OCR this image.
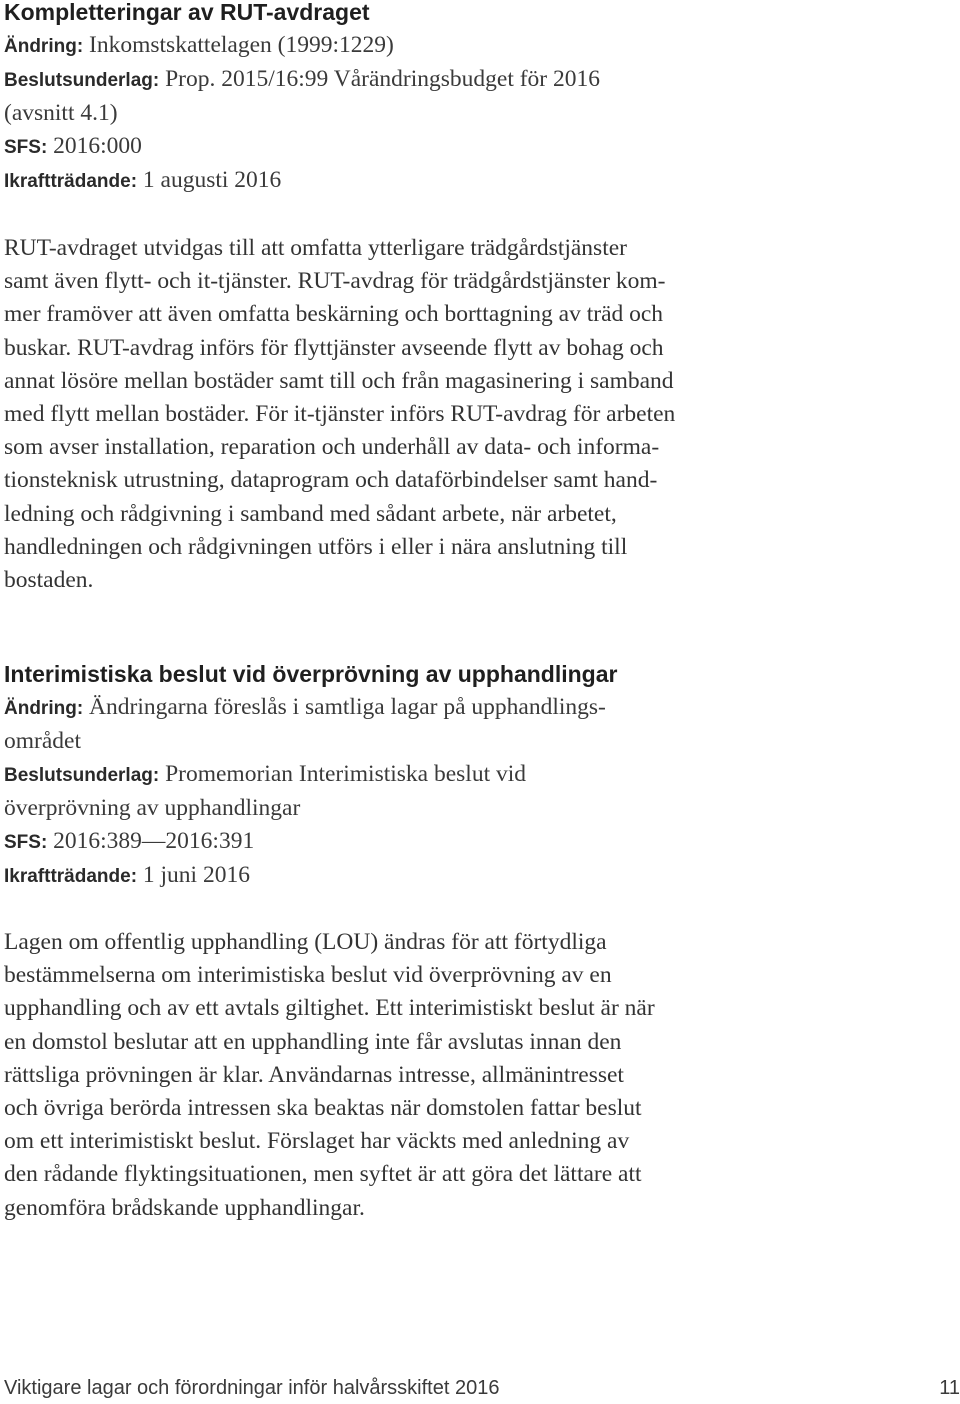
Kompletteringar av RUT-avdraget

Ändring: Inkomstskattelagen (1999:1229)

Beslutsunderlag: Prop. 2015/16:99 Vårändringsbudget för 2016

(avsnitt 4.1)

SFS: 2016:000

Ikraftträdande: 1 augusti 2016

RUT-avdraget utvidgas till att omfatta ytterligare trädgårdstjänster
samt även flytt- och it-tjänster. RUT-avdrag för trädgårdstjänster kom-
mer framöver att även omfatta beskärning och borttagning av träd och
buskar. RUT-avdrag införs för flyttjänster avseende flytt av bohag och
annat lösöre mellan bostäder samt till och från magasinering i samband
med flytt mellan bostäder. För it-tjänster införs RUT-avdrag för arbeten
som avser installation, reparation och underhåll av data- och informa-
tionsteknisk utrustning, dataprogram och dataförbindelser samt hand-
ledning och rådgivning i samband med sådant arbete, när arbetet,
handledningen och rådgivningen utförs i eller i nära anslutning till
bostaden.

Interimistiska beslut vid överprövning av upphandlingar

Ändring: Ändringarna föreslås i samtliga lagar på upphandlings-

området

Beslutsunderlag: Promemorian Interimistiska beslut vid

överprövning av upphandlingar

SFS: 2016:389—2016:391

Ikraftträdande: 1 juni 2016

Lagen om offentlig upphandling (LOU) ändras för att förtydliga
bestämmelserna om interimistiska beslut vid överprövning av en
upphandling och av ett avtals giltighet. Ett interimistiskt beslut är när
en domstol beslutar att en upphandling inte får avslutas innan den
rättsliga prövningen är klar. Användarnas intresse, allmänintresset
och övriga berörda intressen ska beaktas när domstolen fattar beslut
om ett interimistiskt beslut. Förslaget har väckts med anledning av
den rådande flyktingsituationen, men syftet är att göra det lättare att
genomföra brådskande upphandlingar.

Viktigare lagar och förordningar inför halvårsskiftet 2016	11
